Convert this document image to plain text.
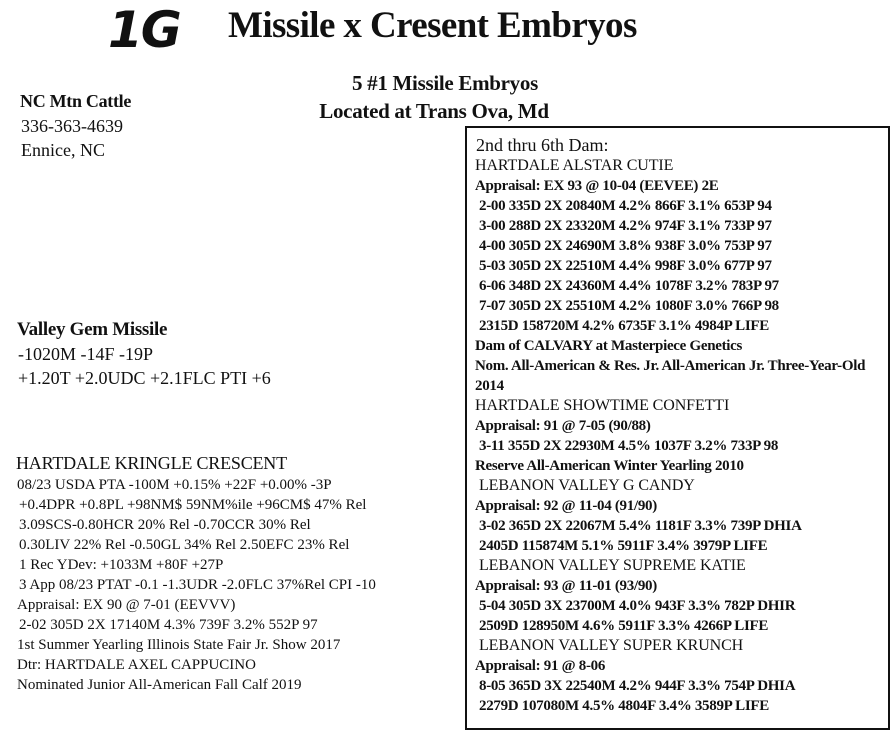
1G Missile x Cresent Embryos
5 #1 Missile Embryos
Located at Trans Ova, Md
NC Mtn Cattle
336-363-4639
Ennice, NC
Valley Gem Missile
-1020M -14F -19P
+1.20T +2.0UDC +2.1FLC PTI +6
HARTDALE KRINGLE CRESCENT
08/23 USDA PTA -100M +0.15% +22F +0.00% -3P
+0.4DPR +0.8PL +98NM$ 59NM%ile +96CM$ 47% Rel
3.09SCS-0.80HCR 20% Rel -0.70CCR 30% Rel
0.30LIV 22% Rel -0.50GL 34% Rel 2.50EFC 23% Rel
1 Rec YDev: +1033M +80F +27P
3 App 08/23 PTAT -0.1 -1.3UDR -2.0FLC 37%Rel CPI -10
Appraisal: EX 90 @ 7-01 (EEVVV)
2-02 305D 2X 17140M 4.3% 739F 3.2% 552P 97
1st Summer Yearling Illinois State Fair Jr. Show 2017
Dtr: HARTDALE AXEL CAPPUCINO
Nominated Junior All-American Fall Calf 2019
2nd thru 6th Dam:
HARTDALE ALSTAR CUTIE
Appraisal: EX 93 @ 10-04 (EEVEE) 2E
2-00 335D 2X 20840M 4.2% 866F 3.1% 653P 94
3-00 288D 2X 23320M 4.2% 974F 3.1% 733P 97
4-00 305D 2X 24690M 3.8% 938F 3.0% 753P 97
5-03 305D 2X 22510M 4.4% 998F 3.0% 677P 97
6-06 348D 2X 24360M 4.4% 1078F 3.2% 783P 97
7-07 305D 2X 25510M 4.2% 1080F 3.0% 766P 98
2315D 158720M 4.2% 6735F 3.1% 4984P LIFE
Dam of CALVARY at Masterpiece Genetics
Nom. All-American & Res. Jr. All-American Jr. Three-Year-Old
2014
HARTDALE SHOWTIME CONFETTI
Appraisal: 91 @ 7-05 (90/88)
3-11 355D 2X 22930M 4.5% 1037F 3.2% 733P 98
Reserve All-American Winter Yearling 2010
LEBANON VALLEY G CANDY
Appraisal: 92 @ 11-04 (91/90)
3-02 365D 2X 22067M 5.4% 1181F 3.3% 739P DHIA
2405D 115874M 5.1% 5911F 3.4% 3979P LIFE
LEBANON VALLEY SUPREME KATIE
Appraisal: 93 @ 11-01 (93/90)
5-04 305D 3X 23700M 4.0% 943F 3.3% 782P DHIR
2509D 128950M 4.6% 5911F 3.3% 4266P LIFE
LEBANON VALLEY SUPER KRUNCH
Appraisal: 91 @ 8-06
8-05 365D 3X 22540M 4.2% 944F 3.3% 754P DHIA
2279D 107080M 4.5% 4804F 3.4% 3589P LIFE
